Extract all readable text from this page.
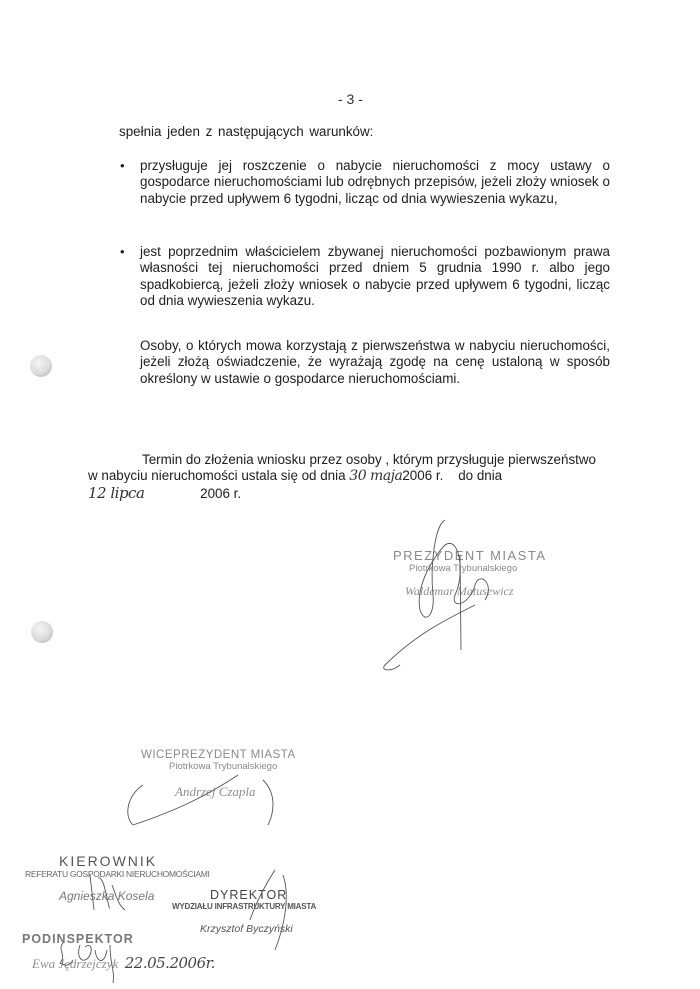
- 3 -
spełnia jeden z następujących warunków:
• przysługuje jej roszczenie o nabycie nieruchomości z mocy ustawy o gospodarce nieruchomościami lub odrębnych przepisów, jeżeli złoży wniosek o nabycie przed upływem 6 tygodni, licząc od dnia wywieszenia wykazu,
• jest poprzednim właścicielem zbywanej nieruchomości pozbawionym prawa własności tej nieruchomości przed dniem 5 grudnia 1990 r. albo jego spadkobiercą, jeżeli złoży wniosek o nabycie przed upływem 6 tygodni, licząc od dnia wywieszenia wykazu.
Osoby, o których mowa korzystają z pierwszeństwa w nabyciu nieruchomości, jeżeli złożą oświadczenie, że wyrażają zgodę na cenę ustaloną w sposób określony w ustawie o gospodarce nieruchomościami.
Termin do złożenia wniosku przez osoby , którym przysługuje pierwszeństwo
w nabyciu nieruchomości ustala się od dnia 30 maja2006 r. do dnia
12 lipca	2006 r.
PREZYDENT MIASTA
Piotrkowa Trybunalskiego
Waldemar Matusewicz
WICEPREZYDENT MIASTA
Piotrkowa Trybunalskiego
Andrzej Czapla
KIEROWNIK
REFERATU GOSPODARKI NIERUCHOMOŚCIAMI
Agnieszka Kosela	DYREKTOR
WYDZIAŁU INFRASTRUKTURY MIASTA
Krzysztof Byczyński
PODINSPEKTOR
Ewa Jędrzejczyk 22.05.2006r.
